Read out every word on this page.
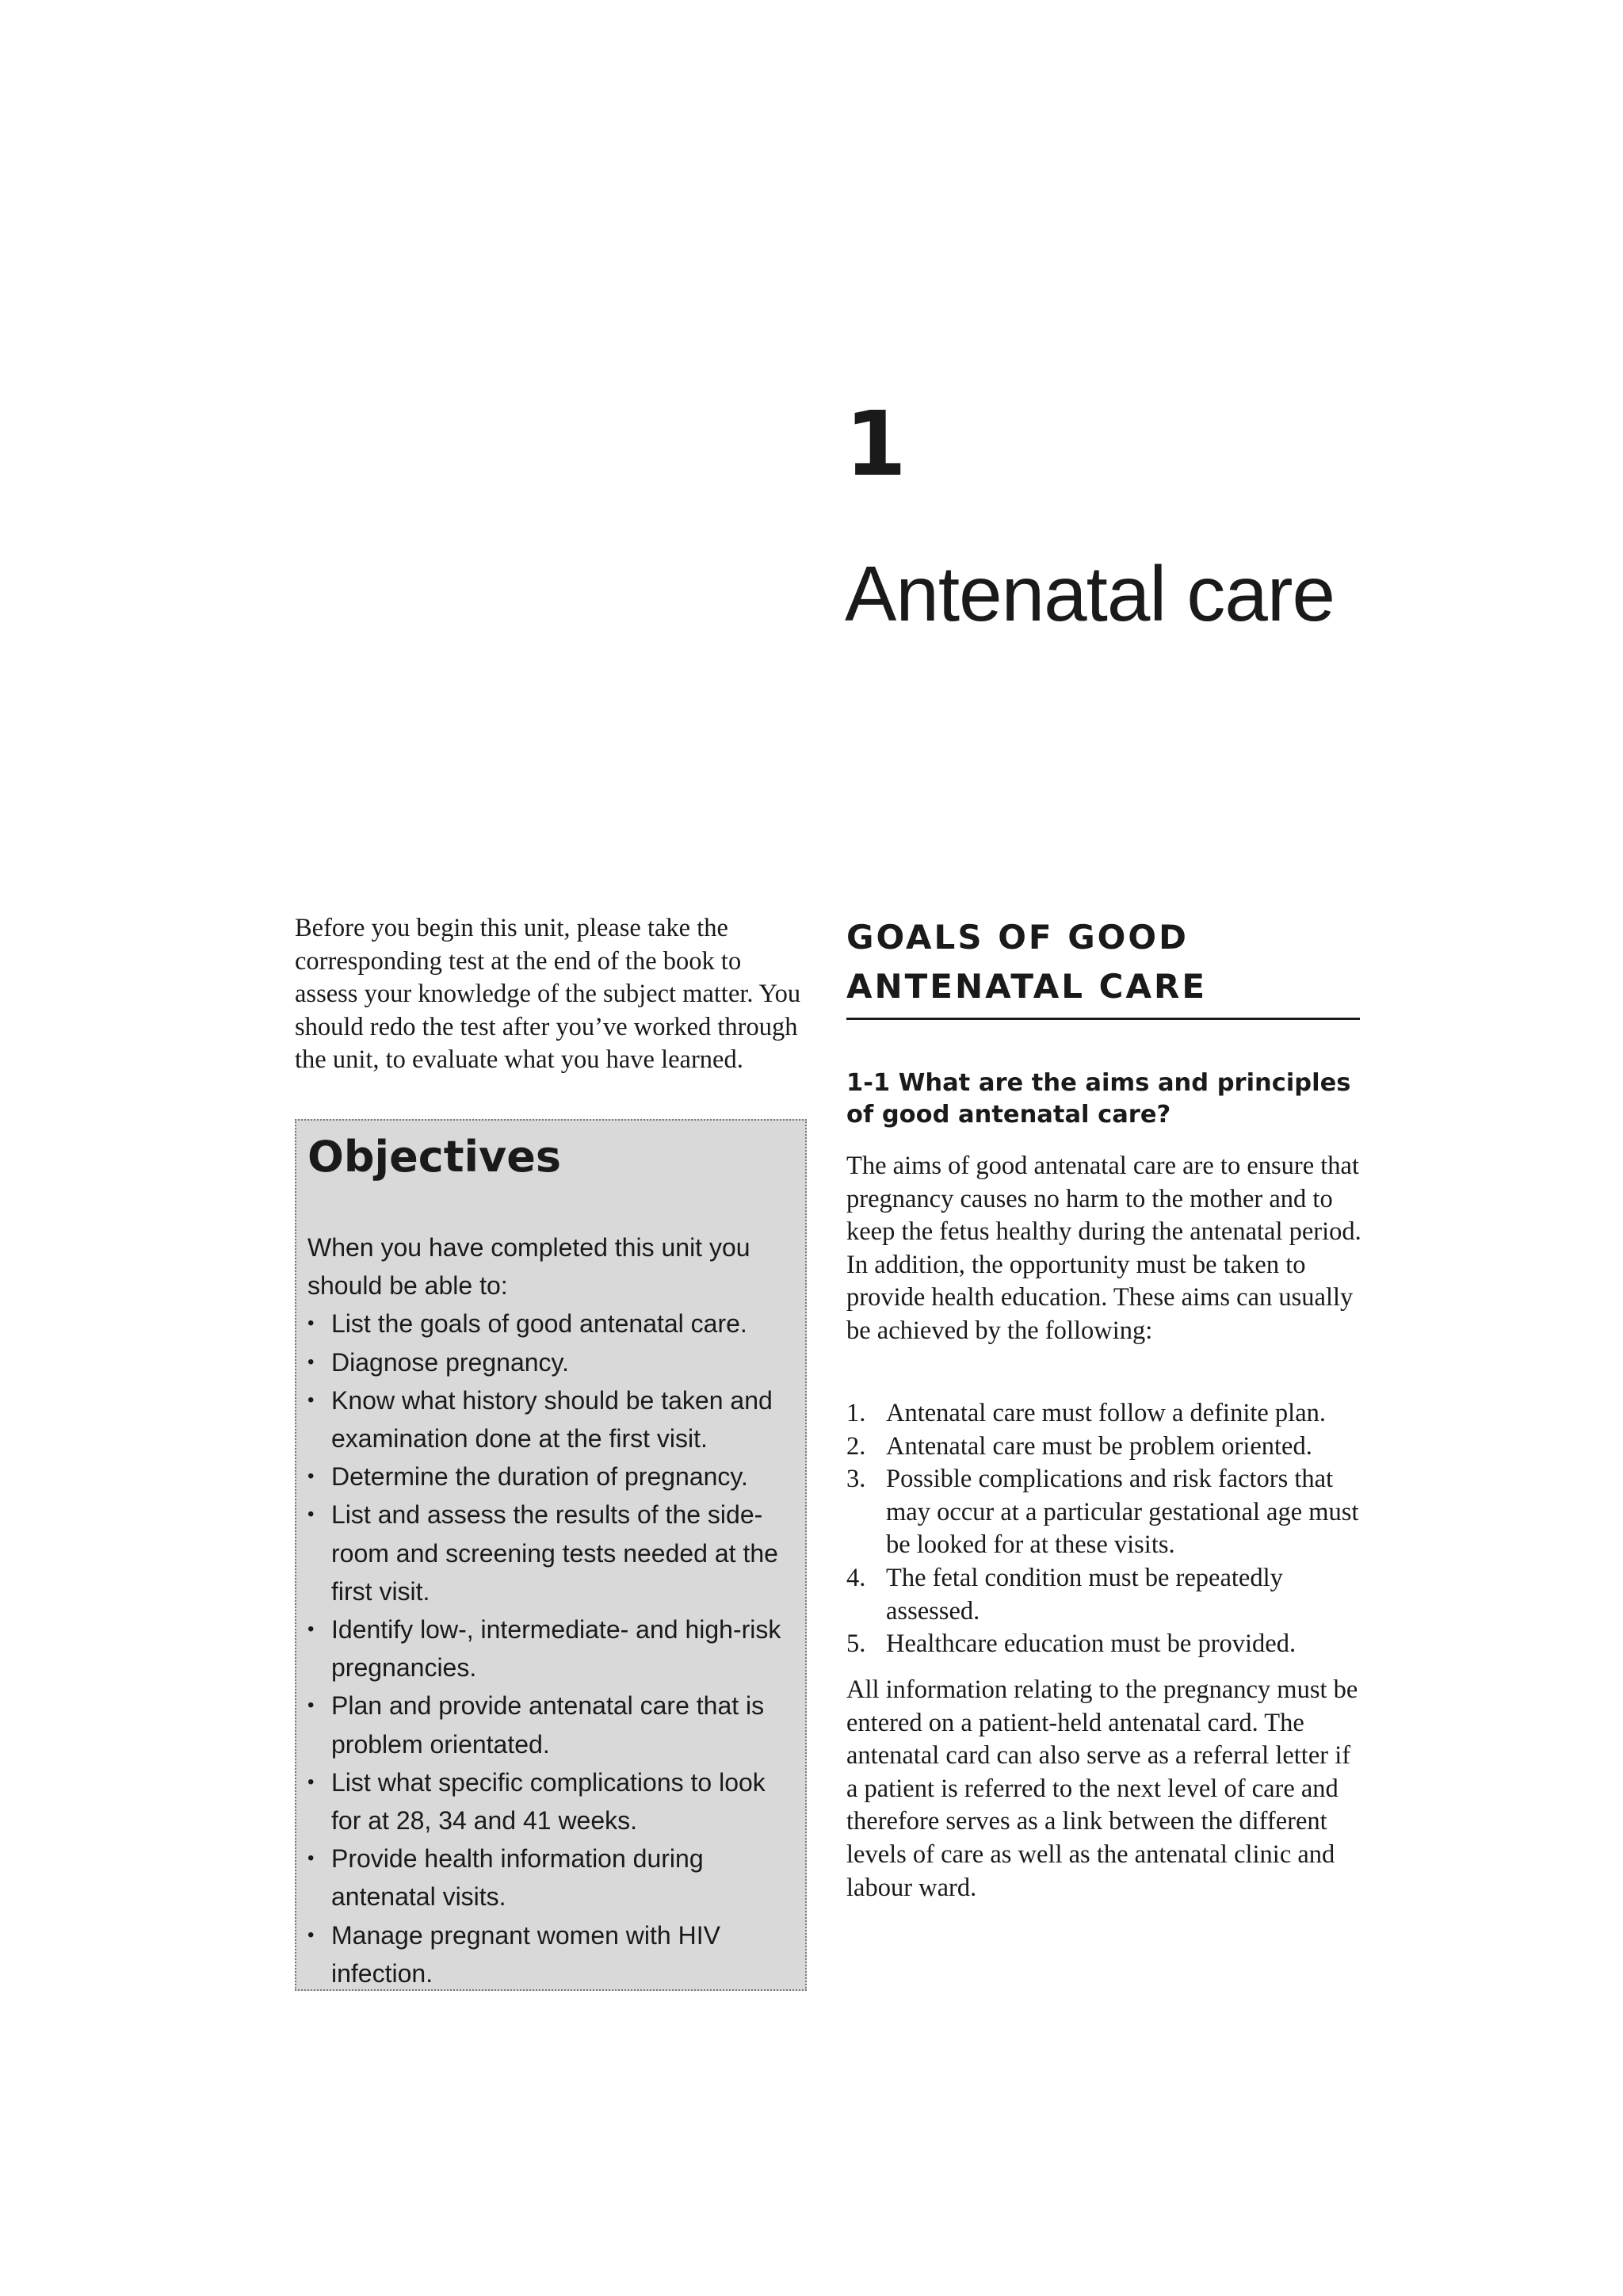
1
Antenatal care

Before you begin this unit, please take the corresponding test at the end of the book to assess your knowledge of the subject matter. You should redo the test after you’ve worked through the unit, to evaluate what you have learned.

Objectives

When you have completed this unit you should be able to:

• List the goals of good antenatal care.
• Diagnose pregnancy.
• Know what history should be taken and examination done at the first visit.
• Determine the duration of pregnancy.
• List and assess the results of the side-room and screening tests needed at the first visit.
• Identify low-, intermediate- and high-risk pregnancies.
• Plan and provide antenatal care that is problem orientated.
• List what specific complications to look for at 28, 34 and 41 weeks.
• Provide health information during antenatal visits.
• Manage pregnant women with HIV infection.
GOALS OF GOOD
ANTENATAL CARE
1-1 What are the aims and principles of good antenatal care?

The aims of good antenatal care are to ensure that pregnancy causes no harm to the mother and to keep the fetus healthy during the antenatal period. In addition, the opportunity must be taken to provide health education. These aims can usually be achieved by the following:

1. Antenatal care must follow a definite plan.
2. Antenatal care must be problem oriented.
3. Possible complications and risk factors that may occur at a particular gestational age must be looked for at these visits.
4. The fetal condition must be repeatedly assessed.
5. Healthcare education must be provided.

All information relating to the pregnancy must be entered on a patient-held antenatal card. The antenatal card can also serve as a referral letter if a patient is referred to the next level of care and therefore serves as a link between the different levels of care as well as the antenatal clinic and labour ward.
